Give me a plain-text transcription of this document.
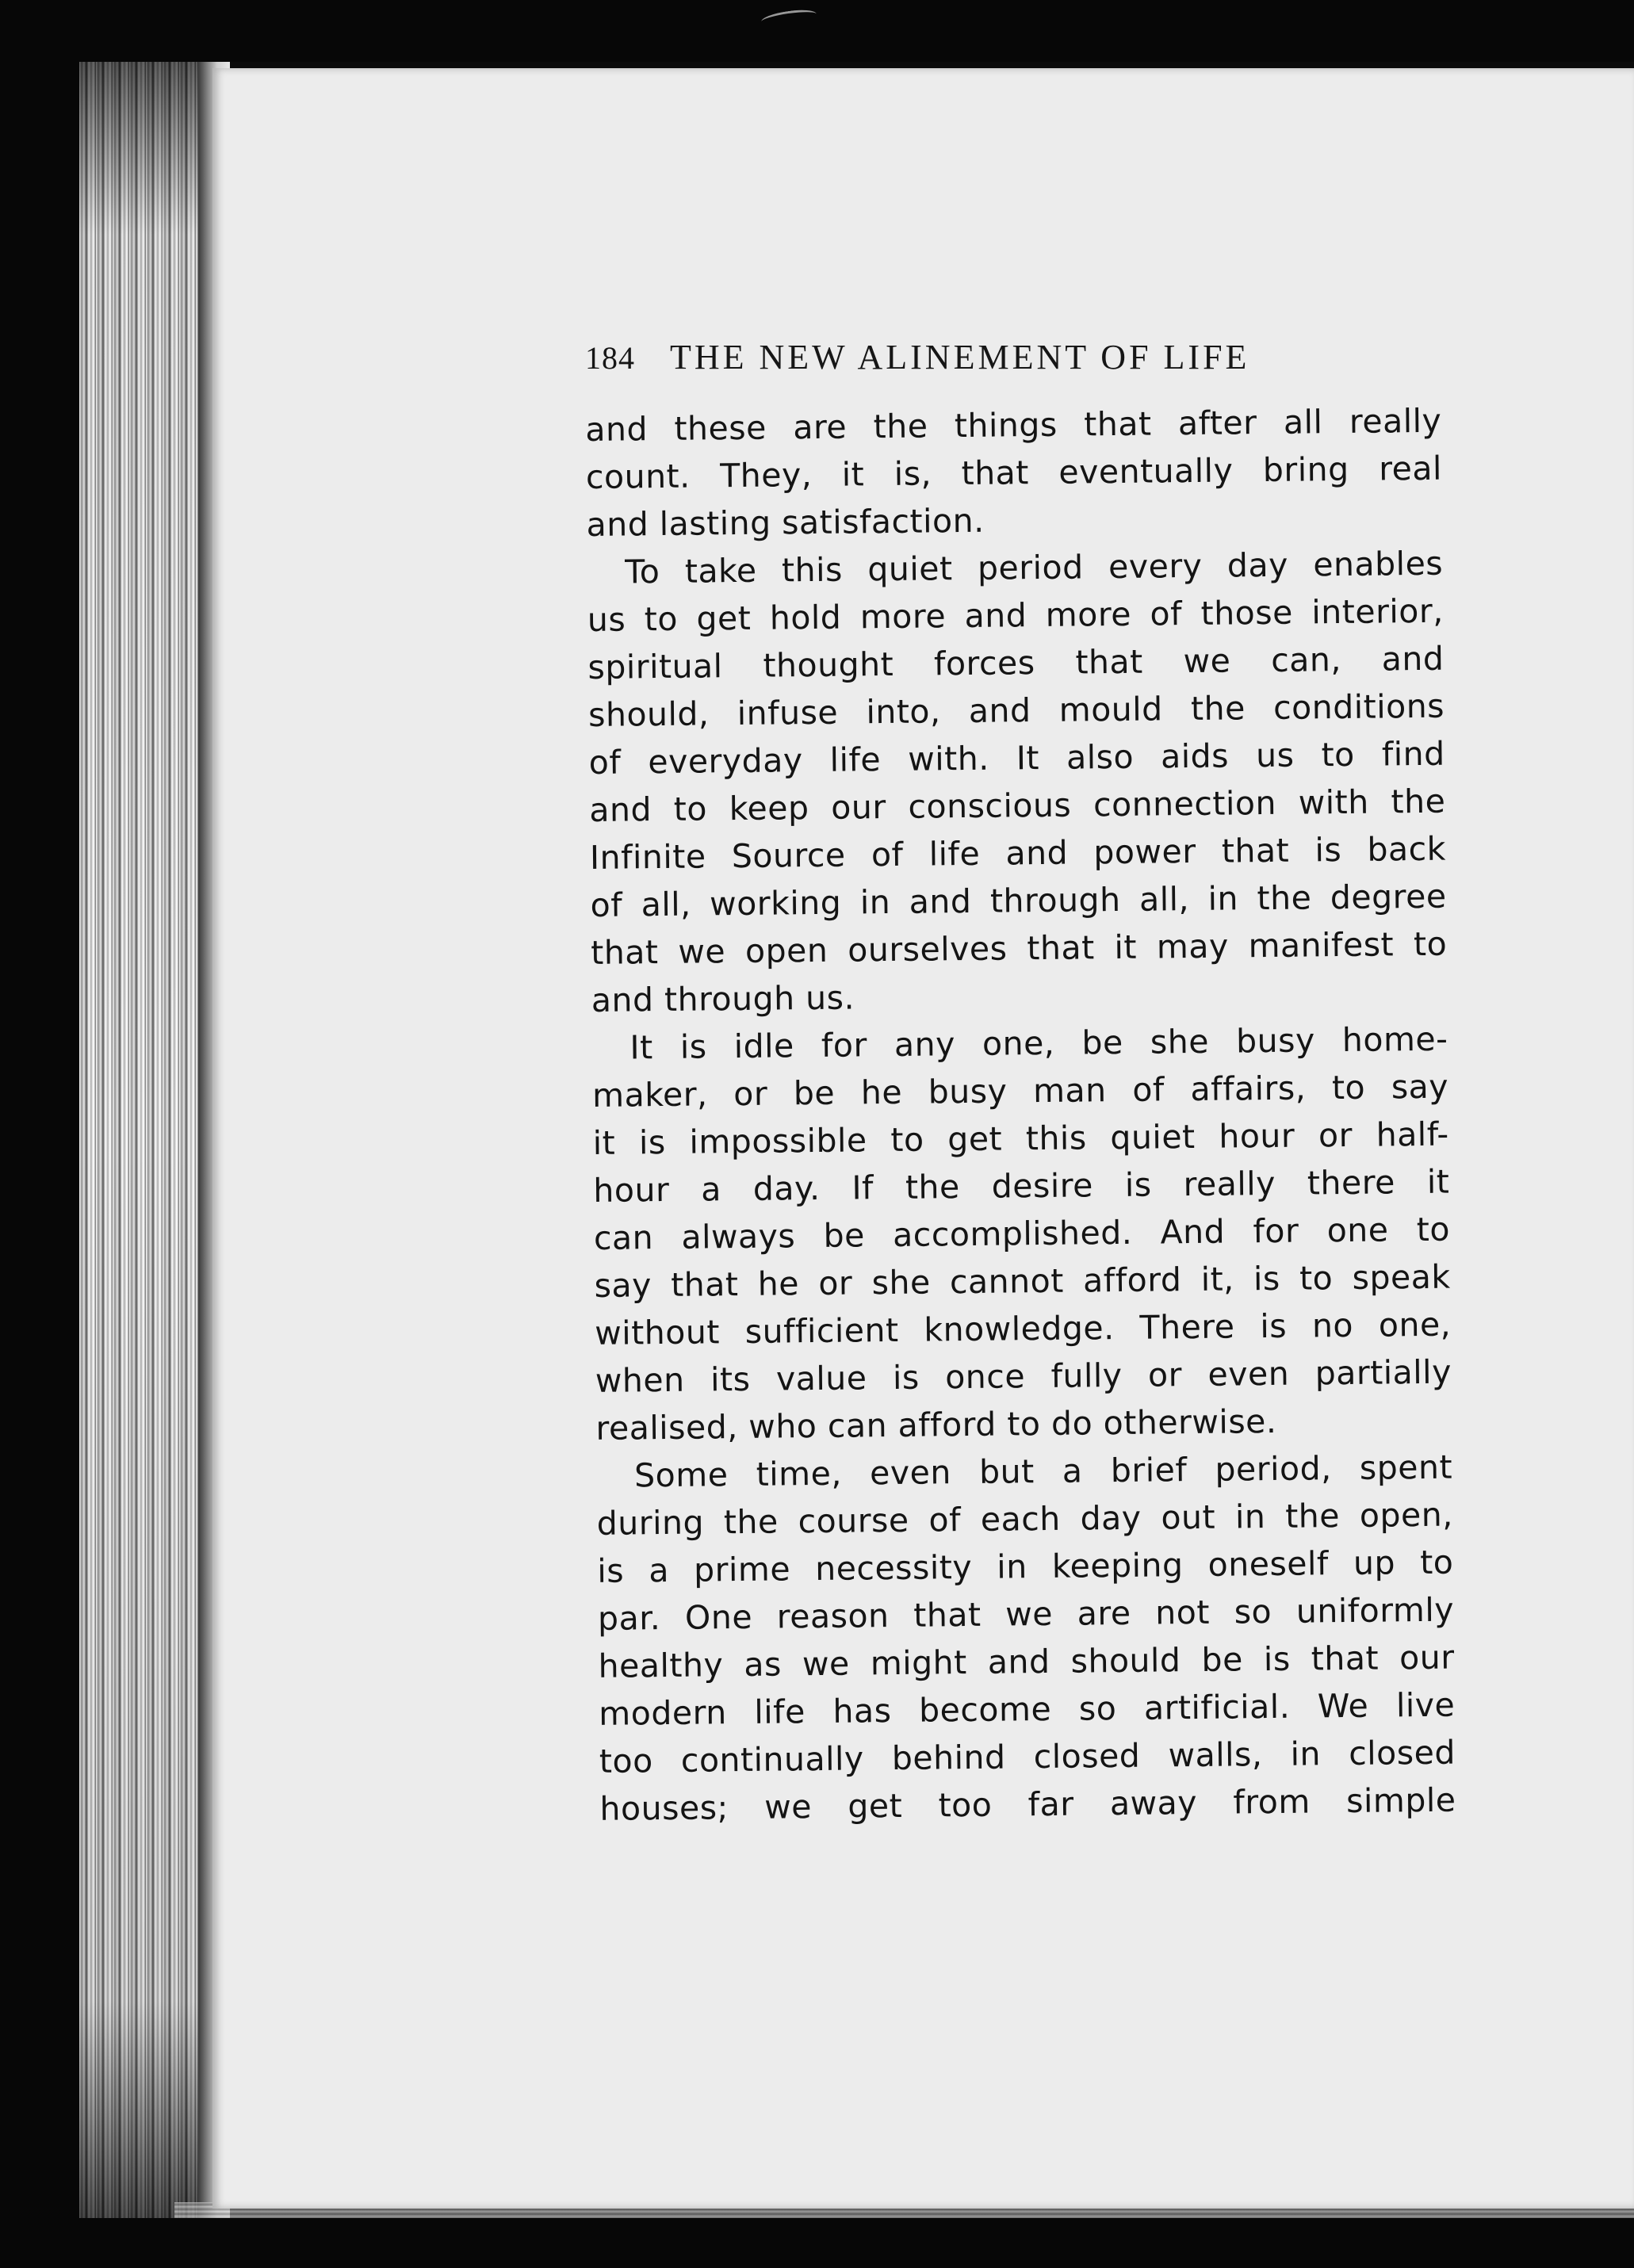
184 THE NEW ALINEMENT OF LIFE
and these are the things that after all really
count. They, it is, that eventually bring real
and lasting satisfaction.
To take this quiet period every day enables
us to get hold more and more of those interior,
spiritual thought forces that we can, and
should, infuse into, and mould the conditions
of everyday life with. It also aids us to find
and to keep our conscious connection with the
Infinite Source of life and power that is back
of all, working in and through all, in the degree
that we open ourselves that it may manifest to
and through us.
It is idle for any one, be she busy home-
maker, or be he busy man of affairs, to say
it is impossible to get this quiet hour or half-
hour a day. If the desire is really there it
can always be accomplished. And for one to
say that he or she cannot afford it, is to speak
without sufficient knowledge. There is no one,
when its value is once fully or even partially
realised, who can afford to do otherwise.
Some time, even but a brief period, spent
during the course of each day out in the open,
is a prime necessity in keeping oneself up to
par. One reason that we are not so uniformly
healthy as we might and should be is that our
modern life has become so artificial. We live
too continually behind closed walls, in closed
houses; we get too far away from simple
